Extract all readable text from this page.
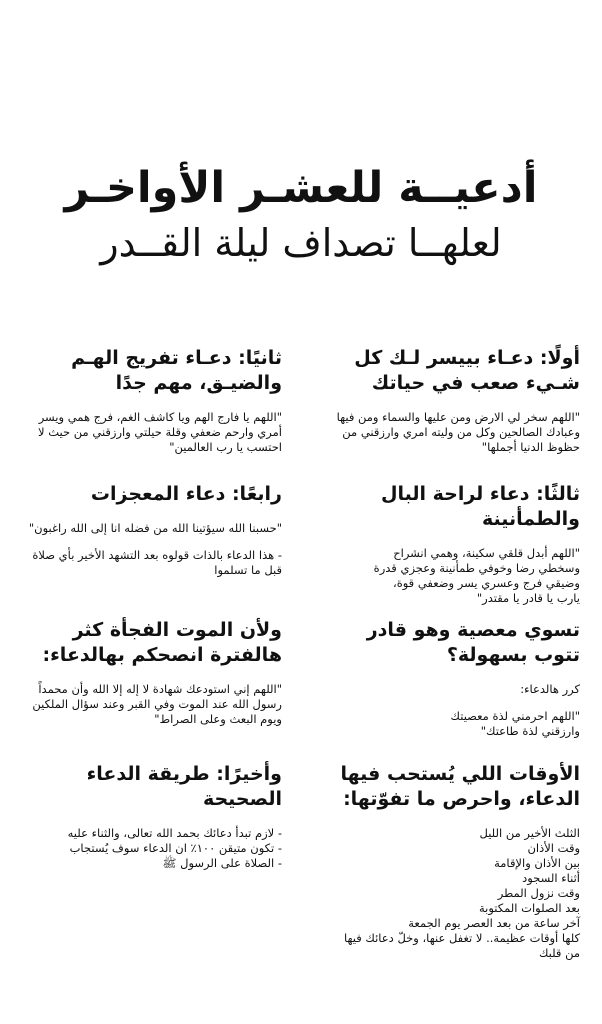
أدعيــة للعشـر الأواخـر
لعلهــا تصداف ليلة القــدر

أولًا: دعـاء بييسر لـك كل شـيء صعب في حياتك

"اللهم سخر لي الارض ومن عليها والسماء ومن فيها وعبادك الصالحين وكل من وليته امري وارزقني من حظوظ الدنيا أجملها"

ثانيًا: دعـاء تفريج الهـم والضيـق، مهم جدًا

"اللهم يا فارج الهم ويا كاشف الغم، فرج همي ويسر أمري وارحم ضعفي وقلة حيلتي وارزقني من حيث لا احتسب يا رب العالمين"

ثالثًا: دعاء لراحة البال والطمأنينة

"اللهم أبدل قلقي سكينة، وهمي انشراح
وسخطي رضا وخوفي طمأنينة وعجزي قدرة
وضيقي فرج وعسري يسر وضعفي قوة،
يارب يا قادر يا مقتدر"

رابعًا: دعاء المعجزات

"حسبنا الله سيؤتينا الله من فضله انا إلى الله راغبون"

- هذا الدعاء بالذات قولوه بعد التشهد الأخير بأي صلاة قبل ما تسلموا

تسوي معصية وهو قادر تتوب بسهولة؟

كرر هالدعاء:

"اللهم احرمني لذة معصيتك
وارزقني لذة طاعتك"

ولأن الموت الفجأة كثر هالفترة انصحكم بهالدعاء:

"اللهم إني استودعك شهادة لا إله إلا الله وأن محمداً رسول الله عند الموت وفي القبر وعند سؤال الملكين ويوم البعث وعلى الصراط"

الأوقات اللي يُستحب فيها الدعاء، واحرص ما تفوّتها:

الثلث الأخير من الليل
وقت الأذان
بين الأذان والإقامة
أثناء السجود
وقت نزول المطر
بعد الصلوات المكتوبة
آخر ساعة من بعد العصر يوم الجمعة
كلها أوقات عظيمة.. لا تغفل عنها، وخلّ دعائك فيها من قلبك

وأخيرًا: طريقة الدعاء الصحيحة

- لازم تبدأ دعائك بحمد الله تعالى، والثناء عليه
- تكون متيقن ١٠٠٪ ان الدعاء سوف يُستجاب
- الصلاة على الرسول ﷺ
